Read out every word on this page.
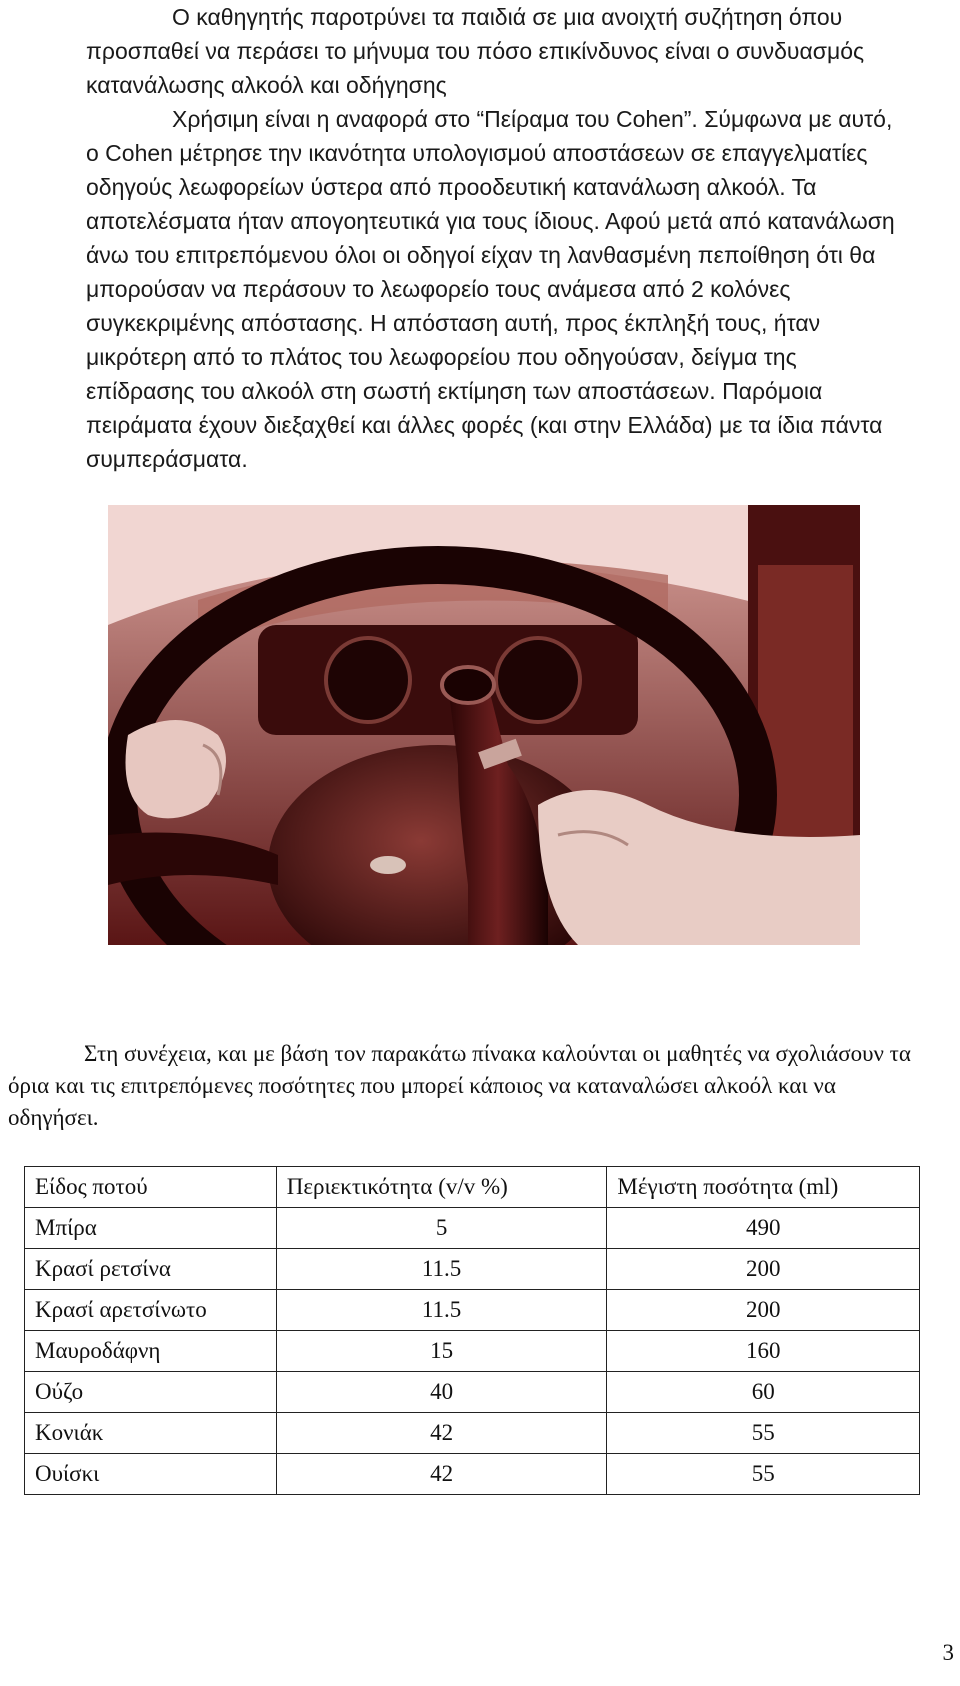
Ο καθηγητής παροτρύνει τα παιδιά σε μια ανοιχτή συζήτηση όπου προσπαθεί να περάσει το μήνυμα του πόσο επικίνδυνος είναι ο συνδυασμός κατανάλωσης αλκοόλ και οδήγησης

Χρήσιμη είναι η αναφορά στο “Πείραμα του Cohen”. Σύμφωνα με αυτό, ο Cohen μέτρησε την ικανότητα υπολογισμού αποστάσεων σε επαγγελματίες οδηγούς λεωφορείων ύστερα από προοδευτική κατανάλωση αλκοόλ. Τα αποτελέσματα ήταν απογοητευτικά για τους ίδιους. Αφού μετά από κατανάλωση άνω του επιτρεπόμενου όλοι οι οδηγοί είχαν τη λανθασμένη πεποίθηση ότι θα μπορούσαν να περάσουν το λεωφορείο τους ανάμεσα από 2 κολόνες συγκεκριμένης απόστασης. Η απόσταση αυτή, προς έκπληξή τους, ήταν μικρότερη από το πλάτος του λεωφορείου που οδηγούσαν, δείγμα της επίδρασης του αλκοόλ στη σωστή εκτίμηση των αποστάσεων. Παρόμοια πειράματα έχουν διεξαχθεί και άλλες φορές (και στην Ελλάδα) με τα ίδια πάντα συμπεράσματα.

Στη συνέχεια, και με βάση τον παρακάτω πίνακα καλούνται οι μαθητές να σχολιάσουν τα όρια και τις επιτρεπόμενες ποσότητες που μπορεί κάποιος να καταναλώσει αλκοόλ και να οδηγήσει.

Είδος ποτού	Περιεκτικότητα (v/v %)	Μέγιστη ποσότητα (ml)
Μπίρα	5	490
Κρασί ρετσίνα	11.5	200
Κρασί αρετσίνωτο	11.5	200
Μαυροδάφνη	15	160
Ούζο	40	60
Κονιάκ	42	55
Ουίσκι	42	55
3
